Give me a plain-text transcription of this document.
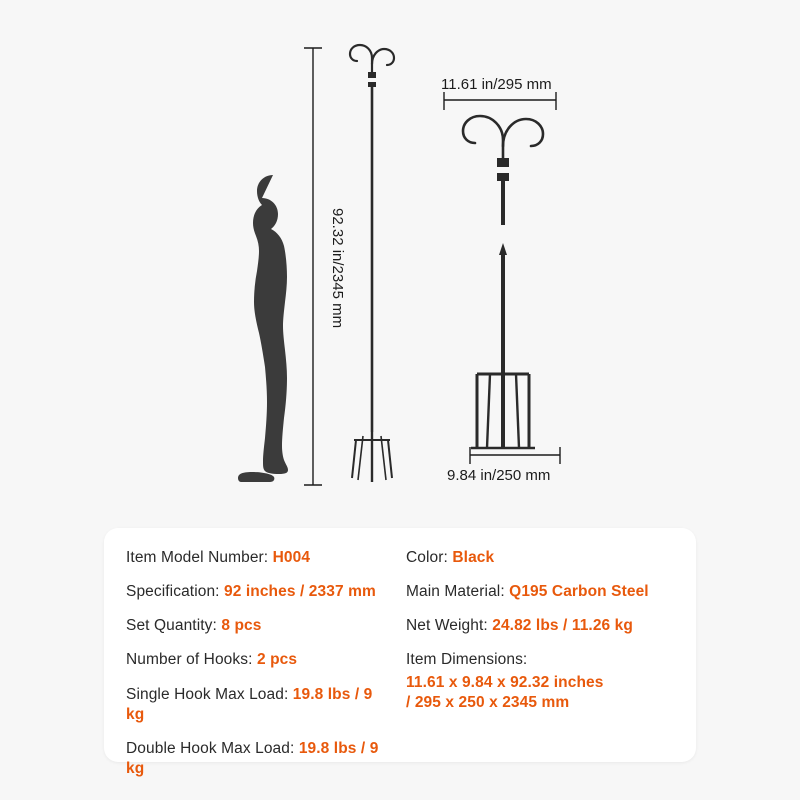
92.32 in/2345 mm
11.61 in/295 mm
9.84 in/250 mm
Item Model Number: H004
Specification: 92 inches / 2337 mm
Set Quantity: 8 pcs
Number of Hooks: 2 pcs
Single Hook Max Load: 19.8 lbs / 9 kg
Double Hook Max Load: 19.8 lbs / 9 kg
Color: Black
Main Material: Q195 Carbon Steel
Net Weight: 24.82 lbs / 11.26 kg
Item Dimensions:
11.61 x 9.84 x 92.32 inches
/ 295 x 250 x 2345 mm
